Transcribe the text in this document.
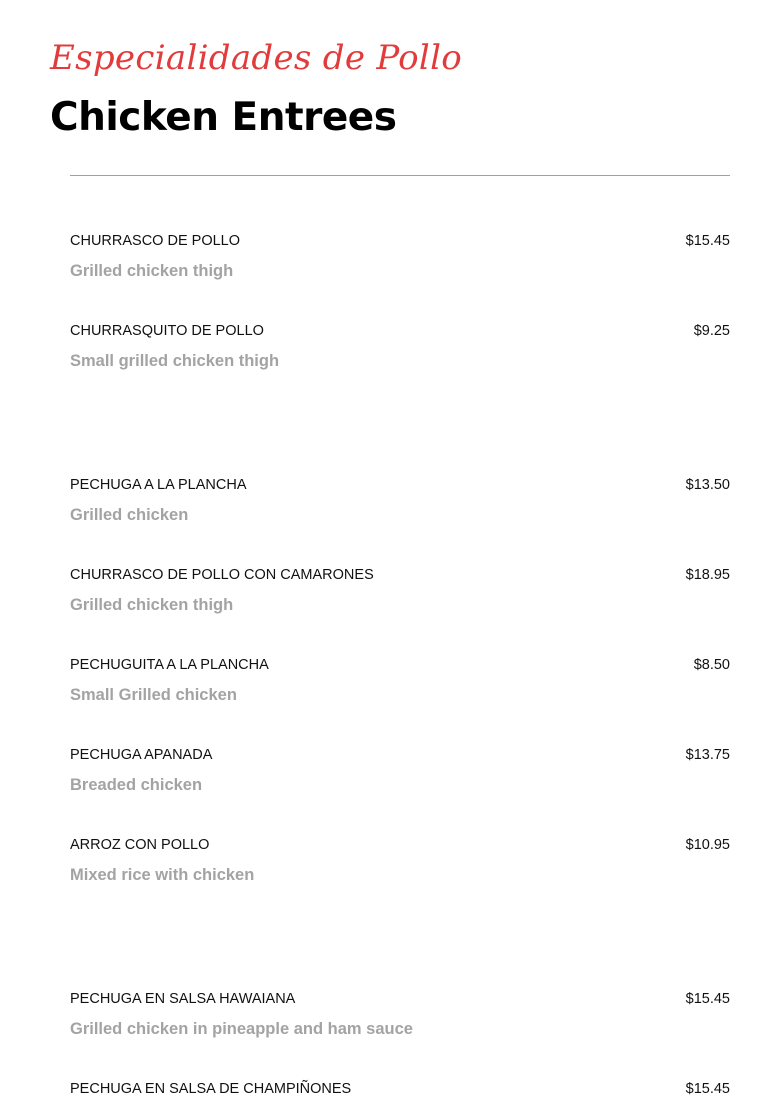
Especialidades de Pollo
Chicken Entrees
CHURRASCO DE POLLO	$15.45
Grilled chicken thigh
CHURRASQUITO DE POLLO	$9.25
Small grilled chicken thigh
PECHUGA A LA PLANCHA	$13.50
Grilled chicken
CHURRASCO DE POLLO CON CAMARONES	$18.95
Grilled chicken thigh
PECHUGUITA A LA PLANCHA	$8.50
Small Grilled chicken
PECHUGA APANADA	$13.75
Breaded chicken
ARROZ CON POLLO	$10.95
Mixed rice with chicken
PECHUGA EN SALSA HAWAIANA	$15.45
Grilled chicken in pineapple and ham sauce
PECHUGA EN SALSA DE CHAMPIÑONES	$15.45
